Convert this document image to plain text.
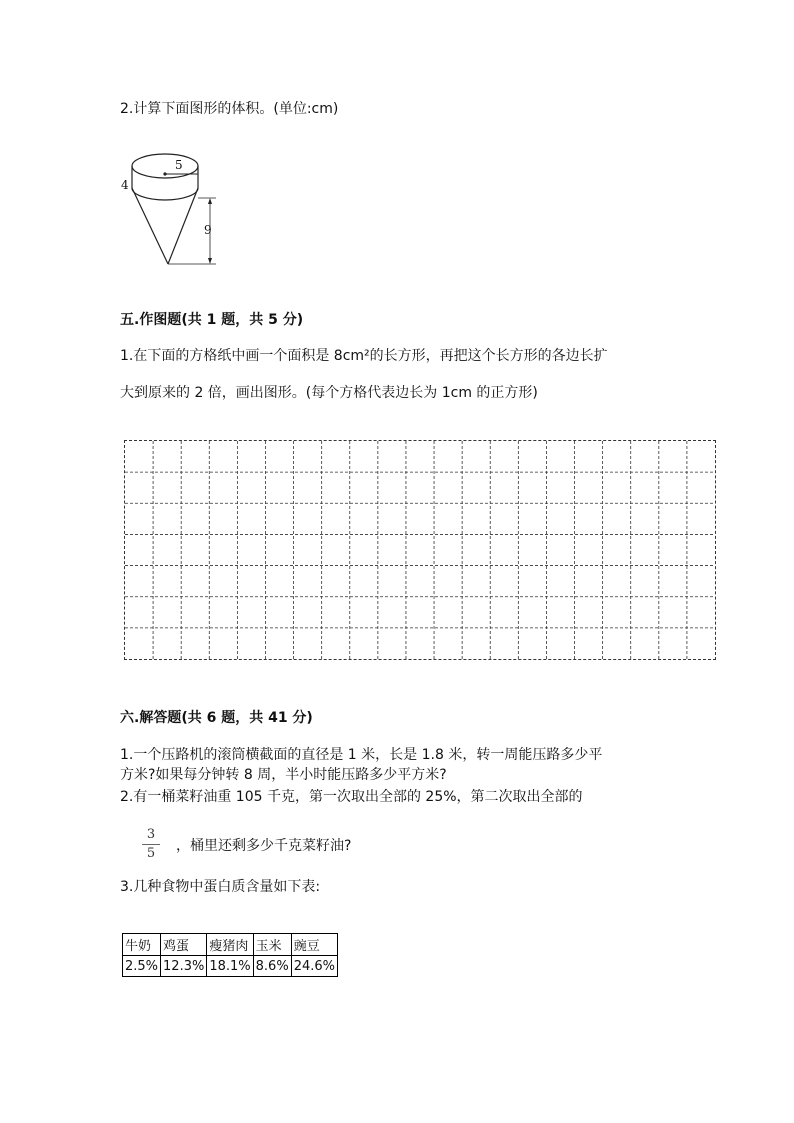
2.计算下面图形的体积。(单位:cm)
5
4
9
五.作图题(共 1 题，共 5 分)
1.在下面的方格纸中画一个面积是 8cm²的长方形，再把这个长方形的各边长扩
大到原来的 2 倍，画出图形。(每个方格代表边长为 1cm 的正方形)
六.解答题(共 6 题，共 41 分)
1.一个压路机的滚筒横截面的直径是 1 米，长是 1.8 米，转一周能压路多少平
方米?如果每分钟转 8 周，半小时能压路多少平方米?
2.有一桶菜籽油重 105 千克，第一次取出全部的 25%，第二次取出全部的
3
5	，桶里还剩多少千克菜籽油?
3.几种食物中蛋白质含量如下表:
牛奶	鸡蛋	瘦猪肉	玉米	豌豆
2.5%	12.3%	18.1%	8.6%	24.6%
